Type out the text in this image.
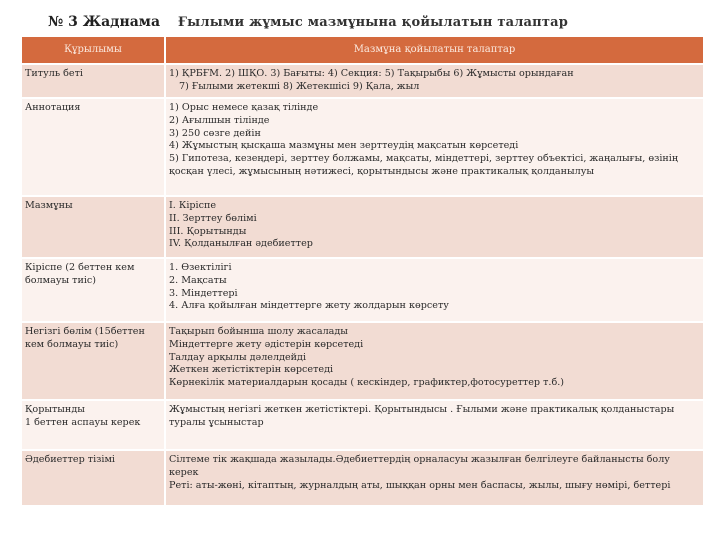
№ 3 Жаднама Ғылыми жұмыс мазмұнына қойылатын талаптар
Құрылымы	Мазмұна қойылатын талаптар
Титуль беті	1) ҚРБҒМ. 2) ШҚО. 3) Бағыты: 4) Секция: 5) Тақырыбы 6) Жұмысты орындаған
7) Ғылыми жетекші 8) Жетекшісі 9) Қала, жыл

Аннотация	1) Орыс немесе қазақ тілінде
2) Ағылшын тілінде
3) 250 сөзге дейін
4) Жұмыстың қысқаша мазмұны мен зерттеудің мақсатын көрсетеді
5) Гипотеза, кезеңдері, зерттеу болжамы, мақсаты, міндеттері, зерттеу объектісі, жаңалығы, өзінің қосқан үлесі, жұмысының нәтижесі, қорытындысы және практикалық қолданылуы

Мазмұны	I. Кіріспе
II. Зерттеу бөлімі
III. Қорытынды
IV. Қолданылған әдебиеттер

Кіріспе (2 беттен кем болмауы тиіс)	1. Өзектілігі
2. Мақсаты
3. Міндеттері
4. Алға қойылған міндеттерге жету жолдарын көрсету

Негізгі бөлім (15беттен кем болмауы тиіс)	Тақырып бойынша шолу жасалады
Міндеттерге жету әдістерін көрсетеді
Талдау арқылы дәлелдейді
Жеткен жетістіктерін көрсетеді
Көрнекілік материалдарын қосады ( кескіндер, графиктер,фотосуреттер т.б.)

Қорытынды
1 беттен аспауы керек	Жұмыстың негізгі жеткен жетістіктері. Қорытындысы . Ғылыми және практикалық қолданыстары туралы ұсыныстар

Әдебиеттер тізімі	Сілтеме тік жақшада жазылады.Әдебиеттердің орналасуы жазылған белгілеуге байланысты болу керек
Реті: аты-жөні, кітаптың, журналдың аты, шыққан орны мен баспасы, жылы, шығу нөмірі, беттері
